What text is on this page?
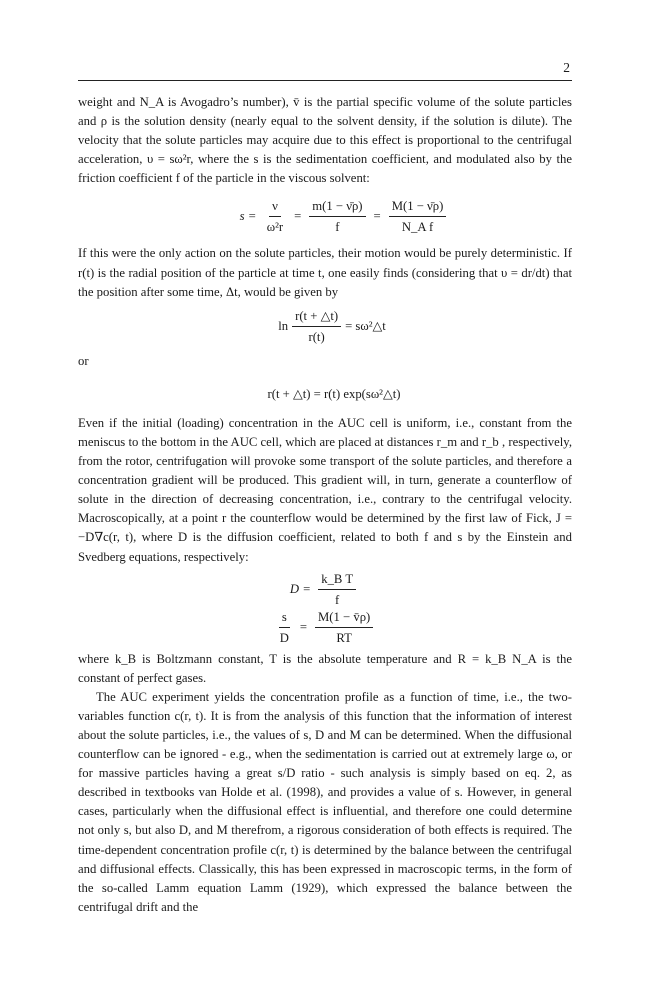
2

weight and N_A is Avogadro’s number), v̄ is the partial specific volume of the solute particles and ρ is the solution density (nearly equal to the solvent density, if the solution is dilute). The velocity that the solute particles may acquire due to this effect is proportional to the centrifugal acceleration, υ = sω²r, where the s is the sedimentation coefficient, and modulated also by the friction coefficient f of the particle in the viscous solvent:

$s = \frac{\nu}{\text{ω²r}} = \frac{m(1 - \nū\rho)}{f} = \frac{M(1 - \nū\rho)}{\text{N\_A f}}$

If this were the only action on the solute particles, their motion would be purely deterministic. If r(t) is the radial position of the particle at time t, one easily finds (considering that υ = dr/dt) that the position after some time, Δt, would be given by

$\ln \frac{r(t + \triangle t)}{r(t)}$ = sω²△t

or

r(t + △t) = r(t) exp(sω²△t)

Even if the initial (loading) concentration in the AUC cell is uniform, i.e., constant from the meniscus to the bottom in the AUC cell, which are placed at distances r_m and r_b , respectively, from the rotor, centrifugation will provoke some transport of the solute particles, and therefore a concentration gradient will be produced. This gradient will, in turn, generate a counterflow of solute in the direction of decreasing concentration, i.e., contrary to the centrifugal velocity. Macroscopically, at a point r the counterflow would be determined by the first law of Fick, J = −D∇c(r, t), where D is the diffusion coefficient, related to both f and s by the Einstein and Svedberg equations, respectively:

$D = \frac{\text{k\_B T}}{f}$
$\frac{s}{D} = \frac{M(1 - v̄\rho)}{RT}$

where k_B is Boltzmann constant, T is the absolute temperature and R = k_B N_A is the constant of perfect gases.

The AUC experiment yields the concentration profile as a function of time, i.e., the two-variables function c(r, t). It is from the analysis of this function that the information of interest about the solute particles, i.e., the values of s, D and M can be determined. When the diffusional counterflow can be ignored - e.g., when the sedimentation is carried out at extremely large ω, or for massive particles having a great s/D ratio - such analysis is simply based on eq. 2, as described in textbooks van Holde et al. (1998), and provides a value of s. However, in general cases, particularly when the diffusional effect is influential, and therefore one could determine not only s, but also D, and M therefrom, a rigorous consideration of both effects is required. The time-dependent concentration profile c(r, t) is determined by the balance between the centrifugal and diffusional effects. Classically, this has been expressed in macroscopic terms, in the form of the so-called Lamm equation Lamm (1929), which expressed the balance between the centrifugal drift and the
